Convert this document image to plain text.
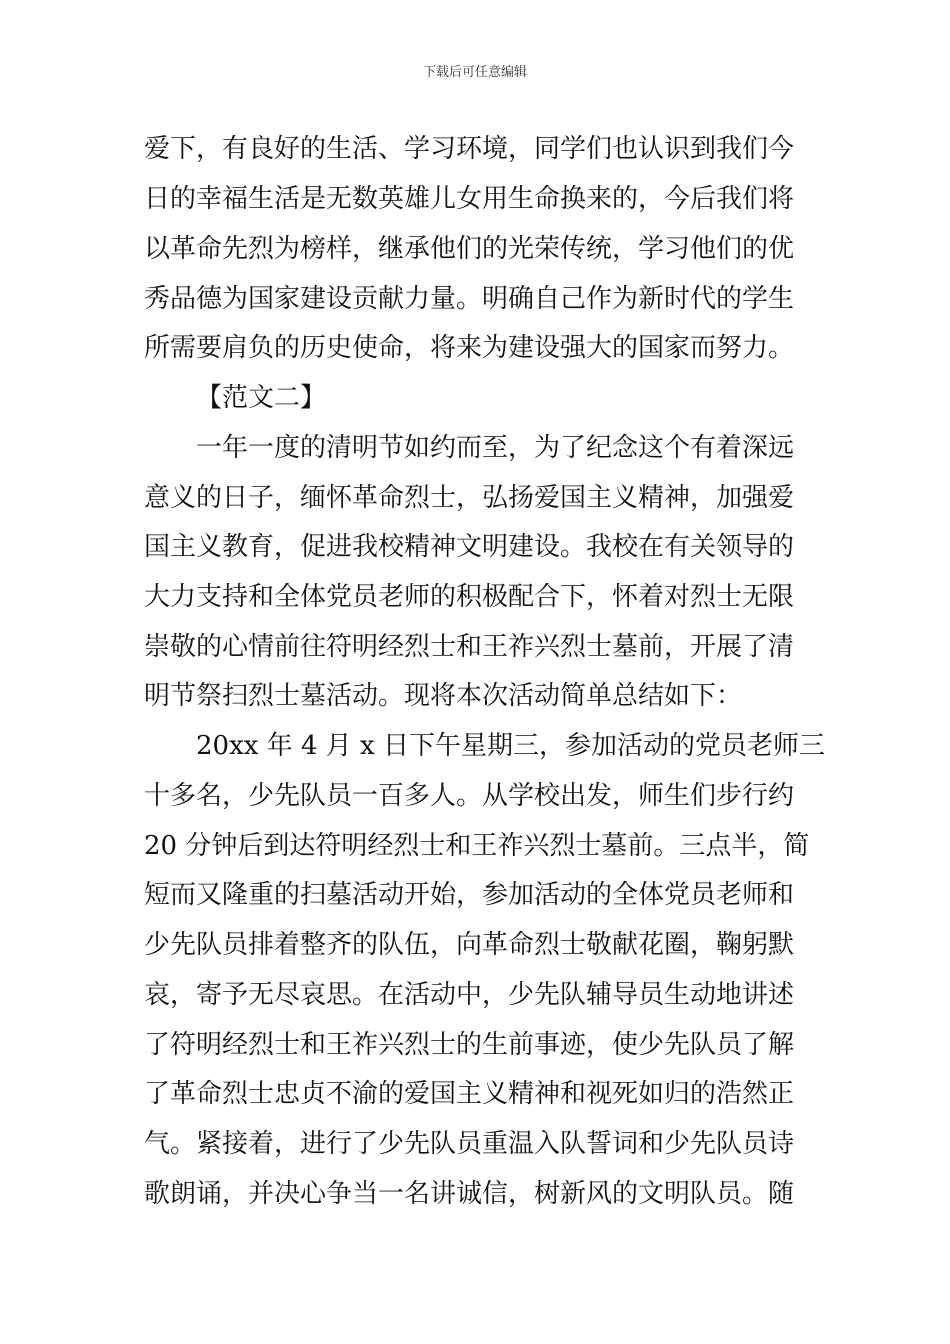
下载后可任意编辑
爱下，有良好的生活、学习环境，同学们也认识到我们今
日的幸福生活是无数英雄儿女用生命换来的，今后我们将
以革命先烈为榜样，继承他们的光荣传统，学习他们的优
秀品德为国家建设贡献力量。明确自己作为新时代的学生
所需要肩负的历史使命，将来为建设强大的国家而努力。
【范文二】
一年一度的清明节如约而至，为了纪念这个有着深远
意义的日子，缅怀革命烈士，弘扬爱国主义精神，加强爱
国主义教育，促进我校精神文明建设。我校在有关领导的
大力支持和全体党员老师的积极配合下，怀着对烈士无限
崇敬的心情前往符明经烈士和王祚兴烈士墓前，开展了清
明节祭扫烈士墓活动。现将本次活动简单总结如下：
20xx 年 4 月 x 日下午星期三，参加活动的党员老师三
十多名，少先队员一百多人。从学校出发，师生们步行约
20 分钟后到达符明经烈士和王祚兴烈士墓前。三点半，简
短而又隆重的扫墓活动开始，参加活动的全体党员老师和
少先队员排着整齐的队伍，向革命烈士敬献花圈，鞠躬默
哀，寄予无尽哀思。在活动中，少先队辅导员生动地讲述
了符明经烈士和王祚兴烈士的生前事迹，使少先队员了解
了革命烈士忠贞不渝的爱国主义精神和视死如归的浩然正
气。紧接着，进行了少先队员重温入队誓词和少先队员诗
歌朗诵，并决心争当一名讲诚信，树新风的文明队员。随
